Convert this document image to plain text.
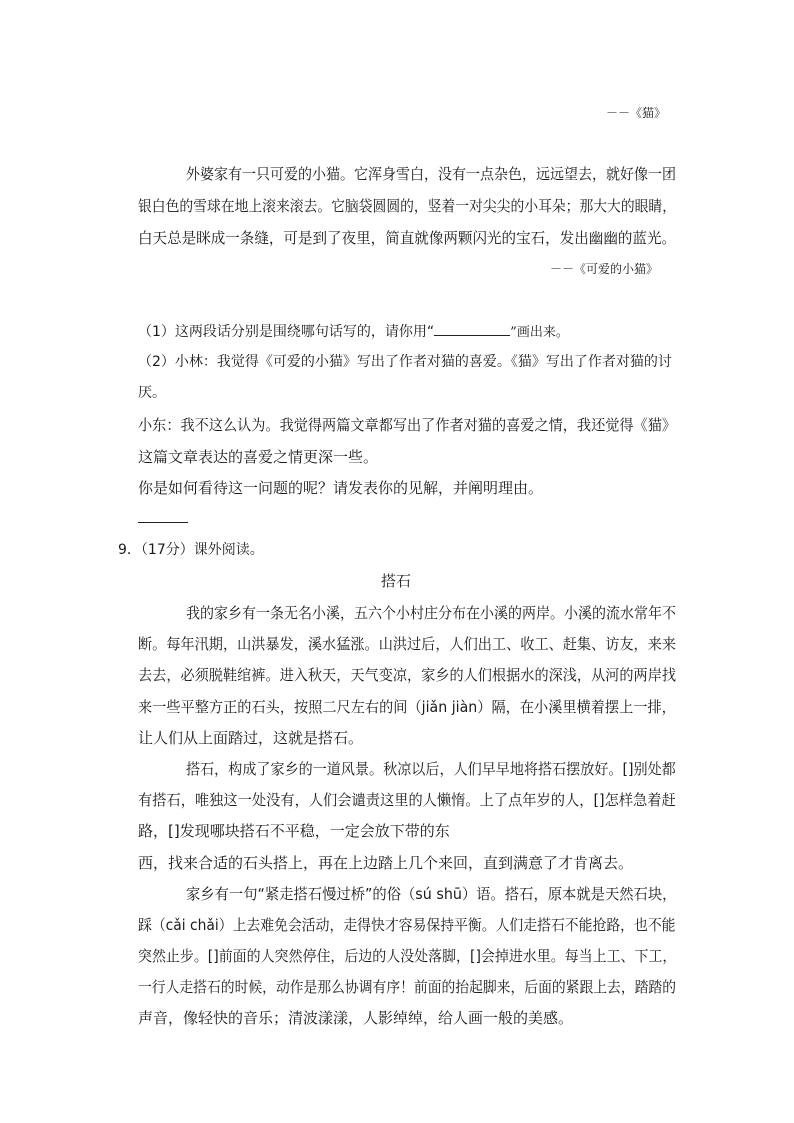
－－《猫》
外婆家有一只可爱的小猫。它浑身雪白，没有一点杂色，远远望去，就好像一团
银白色的雪球在地上滚来滚去。它脑袋圆圆的，竖着一对尖尖的小耳朵；那大大的眼睛，
白天总是眯成一条缝，可是到了夜里，简直就像两颗闪光的宝石，发出幽幽的蓝光。
－－《可爱的小猫》
（1）这两段话分别是围绕哪句话写的，请你用“	”画出来。
（2）小林：我觉得《可爱的小猫》写出了作者对猫的喜爱。《猫》写出了作者对猫的讨
厌。
小东：我不这么认为。我觉得两篇文章都写出了作者对猫的喜爱之情，我还觉得《猫》
这篇文章表达的喜爱之情更深一些。
你是如何看待这一问题的呢？请发表你的见解，并阐明理由。
9．（17分）课外阅读。
搭石
我的家乡有一条无名小溪，五六个小村庄分布在小溪的两岸。小溪的流水常年不
断。每年汛期，山洪暴发，溪水猛涨。山洪过后，人们出工、收工、赶集、访友，来来
去去，必须脱鞋绾裤。进入秋天，天气变凉，家乡的人们根据水的深浅，从河的两岸找
来一些平整方正的石头，按照二尺左右的间（jiǎn jiàn）隔，在小溪里横着摆上一排，
让人们从上面踏过，这就是搭石。
搭石，构成了家乡的一道风景。秋凉以后，人们早早地将搭石摆放好。[]别处都
有搭石，唯独这一处没有，人们会谴责这里的人懒惰。上了点年岁的人，[]怎样急着赶
路，[]发现哪块搭石不平稳，一定会放下带的东
西，找来合适的石头搭上，再在上边踏上几个来回，直到满意了才肯离去。
家乡有一句“紧走搭石慢过桥”的俗（sú shū）语。搭石，原本就是天然石块，
踩（cǎi chǎi）上去难免会活动，走得快才容易保持平衡。人们走搭石不能抢路，也不能
突然止步。[]前面的人突然停住，后边的人没处落脚，[]会掉进水里。每当上工、下工，
一行人走搭石的时候，动作是那么协调有序！前面的抬起脚来，后面的紧跟上去，踏踏的
声音，像轻快的音乐；清波漾漾，人影绰绰，给人画一般的美感。
